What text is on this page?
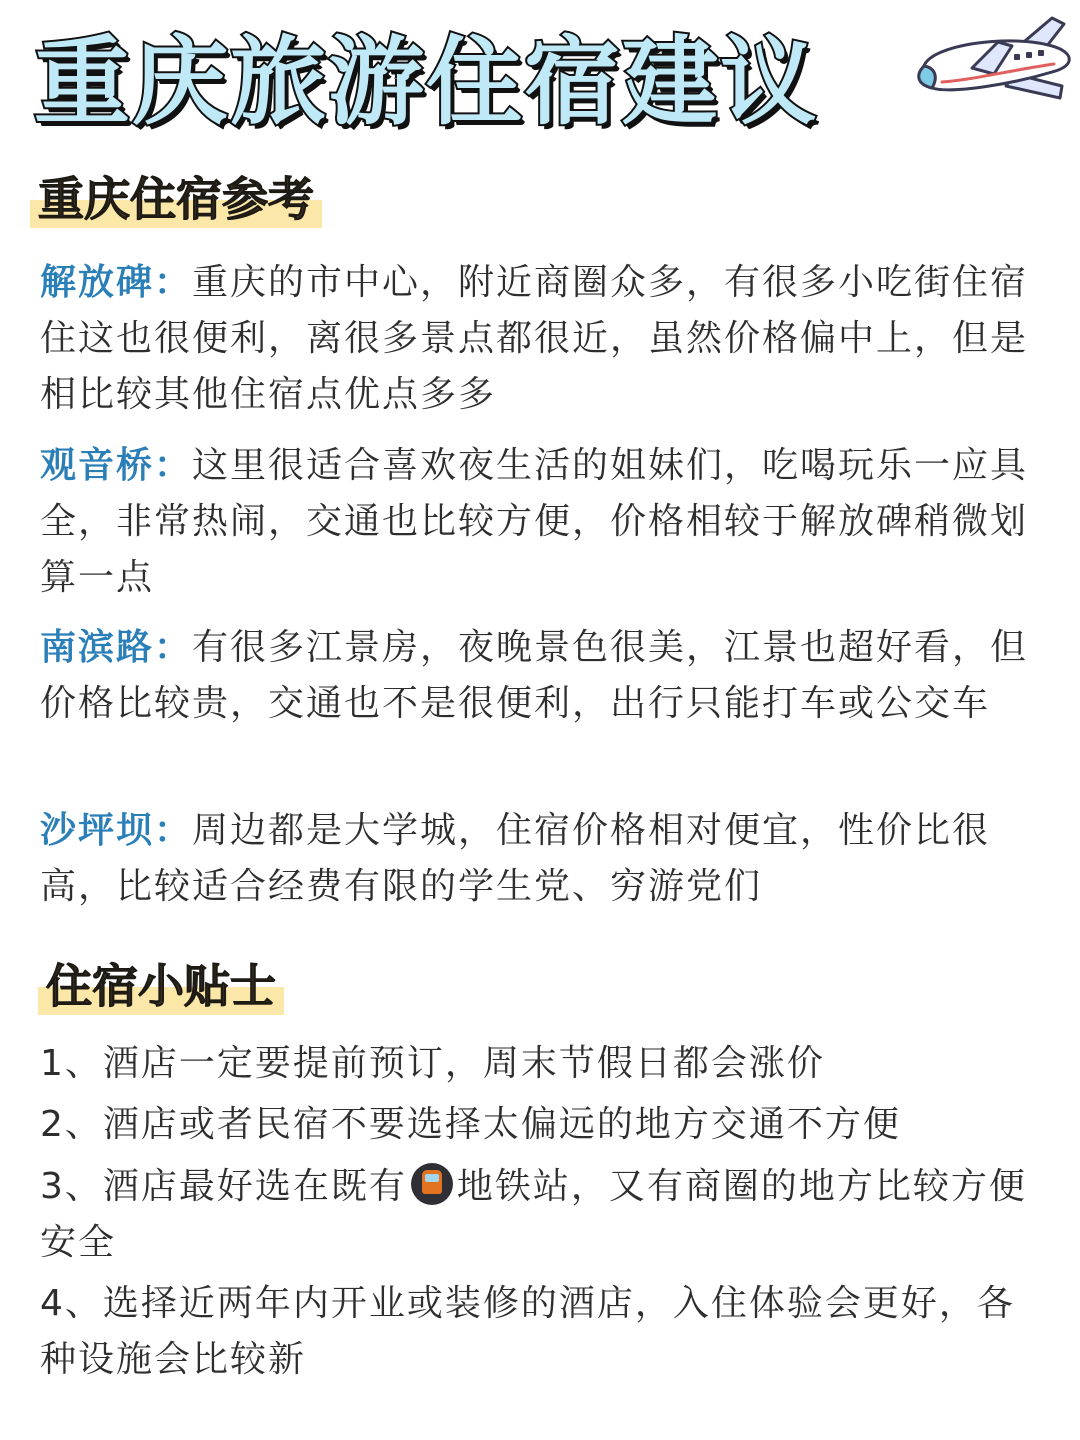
重庆旅游住宿建议
重庆住宿参考
解放碑：重庆的市中心，附近商圈众多，有很多小吃街住宿住这也很便利，离很多景点都很近，虽然价格偏中上，但是相比较其他住宿点优点多多
观音桥：这里很适合喜欢夜生活的姐妹们，吃喝玩乐一应具全，非常热闹，交通也比较方便，价格相较于解放碑稍微划算一点
南滨路：有很多江景房，夜晚景色很美，江景也超好看，但价格比较贵，交通也不是很便利，出行只能打车或公交车
沙坪坝：周边都是大学城，住宿价格相对便宜，性价比很高，比较适合经费有限的学生党、穷游党们
住宿小贴士
1、酒店一定要提前预订，周末节假日都会涨价
2、酒店或者民宿不要选择太偏远的地方交通不方便
3、酒店最好选在既有 地铁站，又有商圈的地方比较方便安全
4、选择近两年内开业或装修的酒店，入住体验会更好，各种设施会比较新
